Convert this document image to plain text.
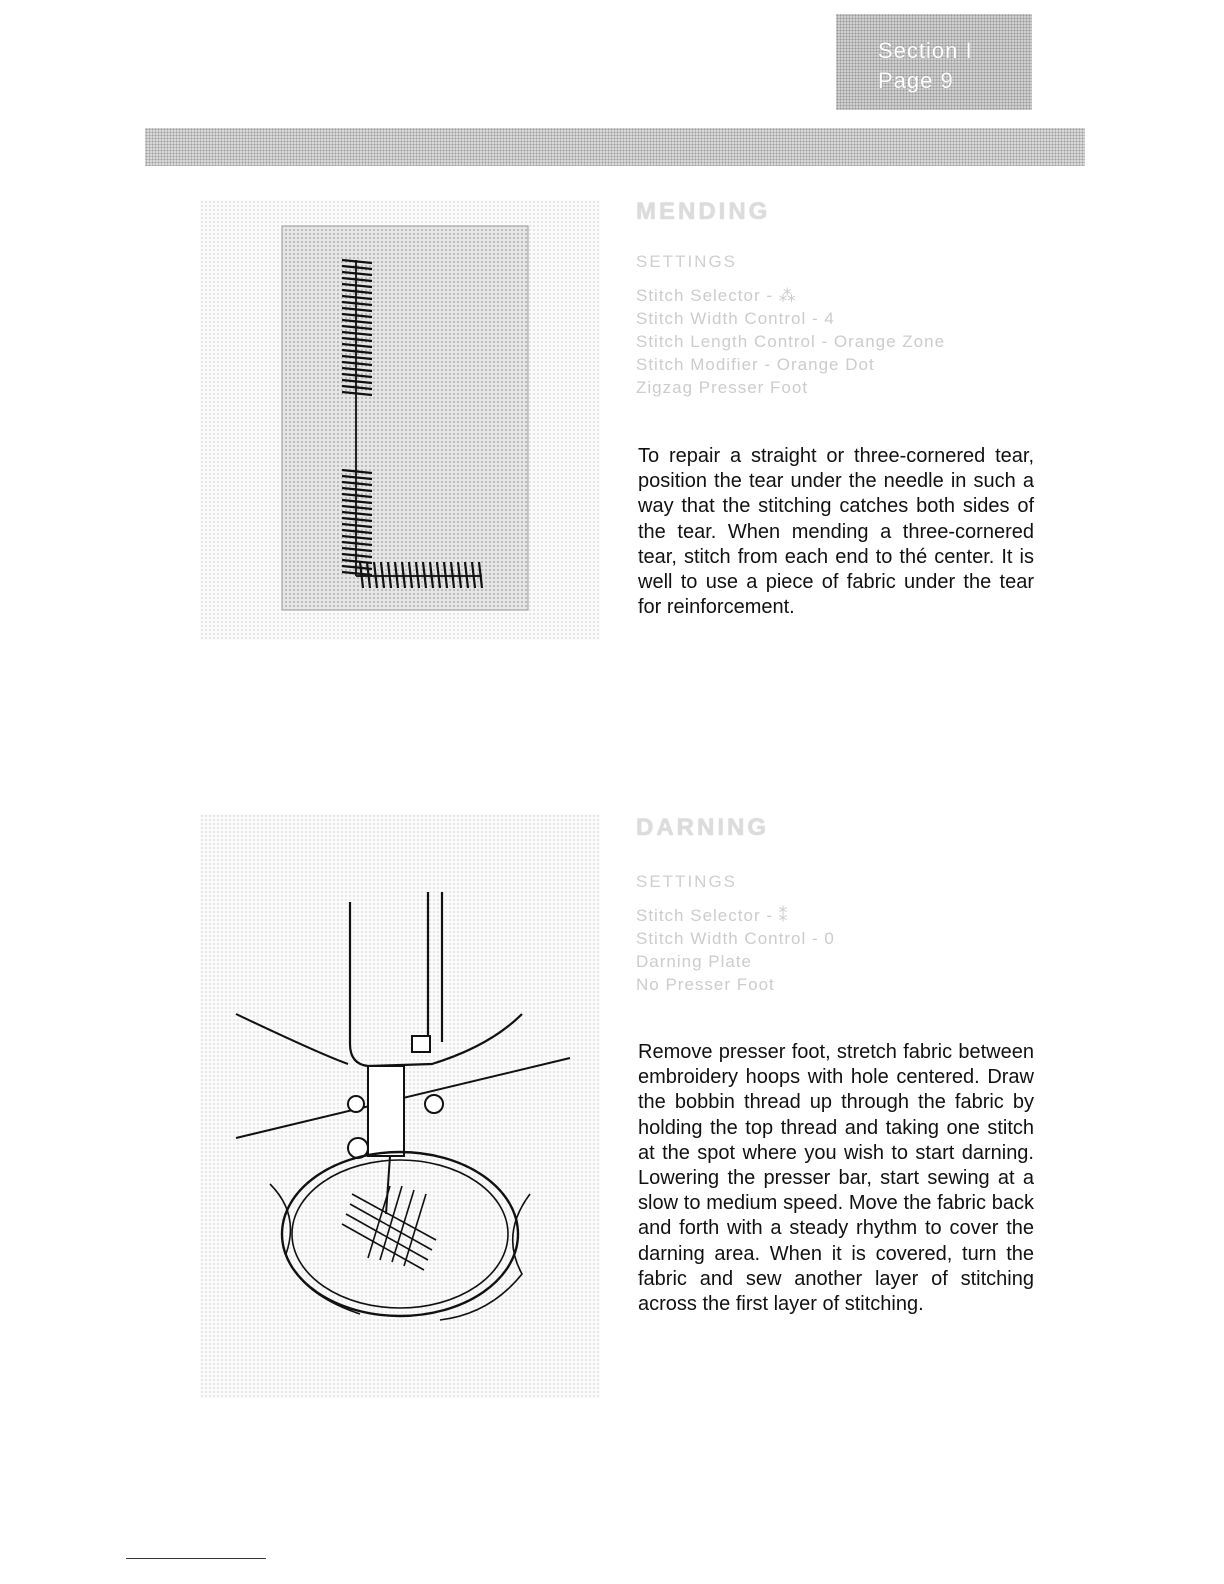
Section I
Page 9
MENDING
SETTINGS
Stitch Selector - ⁂
Stitch Width Control - 4
Stitch Length Control - Orange Zone
Stitch Modifier - Orange Dot
Zigzag Presser Foot
To repair a straight or three-cornered tear, position the tear under the needle in such a way that the stitching catches both sides of the tear. When mending a three-cornered tear, stitch from each end to thé center. It is well to use a piece of fabric under the tear for reinforcement.
DARNING
SETTINGS
Stitch Selector - ⁑
Stitch Width Control - 0
Darning Plate
No Presser Foot
Remove presser foot, stretch fabric between embroidery hoops with hole centered. Draw the bobbin thread up through the fabric by holding the top thread and taking one stitch at the spot where you wish to start darning. Lowering the presser bar, start sewing at a slow to medium speed. Move the fabric back and forth with a steady rhythm to cover the darning area. When it is covered, turn the fabric and sew another layer of stitching across the first layer of stitching.
